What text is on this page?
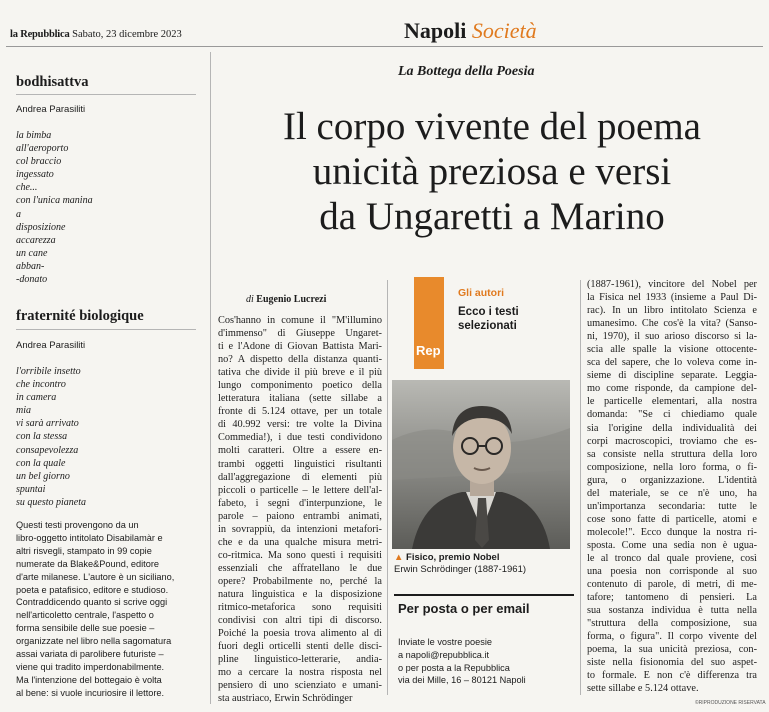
la Repubblica Sabato, 23 dicembre 2023	Napoli Società
bodhisattva
Andrea Parasiliti
la bimba
all'aeroporto
col braccio
ingessato
che...
con l'unica manina
a
disposizione
accarezza
un cane
abban-
-donato
fraternité biologique
Andrea Parasiliti
l'orribile insetto
che incontro
in camera
mia
vi sarà arrivato
con la stessa
consapevolezza
con la quale
un bel giorno
spuntai
su questo pianeta
Questi testi provengono da un
libro-oggetto intitolato Disabilamàr e
altri risvegli, stampato in 99 copie
numerate da Blake&Pound, editore
d'arte milanese. L'autore è un siciliano,
poeta e patafisico, editore e studioso.
Contraddicendo quanto si scrive oggi
nell'articoletto centrale, l'aspetto o
forma sensibile delle sue poesie –
organizzate nel libro nella sagomatura
assai variata di parolibere futuriste –
viene qui tradito imperdonabilmente.
Ma l'intenzione del bottegaio è volta
al bene: si vuole incuriosire il lettore.
La Bottega della Poesia
Il corpo vivente del poema
unicità preziosa e versi
da Ungaretti a Marino
di Eugenio Lucrezi
Cos'hanno in comune il "M'illumino
d'immenso" di Giuseppe Ungaret-
ti e l'Adone di Giovan Battista Mari-
no? A dispetto della distanza quanti-
tativa che divide il più breve e il più
lungo componimento poetico della
letteratura italiana (sette sillabe a
fronte di 5.124 ottave, per un totale
di 40.992 versi: tre volte la Divina
Commedia!), i due testi condividono
molti caratteri. Oltre a essere en-
trambi oggetti linguistici risultanti
dall'aggregazione di elementi più
piccoli o particelle – le lettere dell'al-
fabeto, i segni d'interpunzione, le
parole – paiono entrambi animati,
in sovrappiù, da intenzioni metafori-
che e da una qualche misura metri-
co-ritmica. Ma sono questi i requisiti
essenziali che affratellano le due
opere? Probabilmente no, perché la
natura linguistica e la disposizione
ritmico-metaforica sono requisiti
condivisi con altri tipi di discorso.
Poiché la poesia trova alimento al di
fuori degli orticelli stenti delle disci-
pline linguistico-letterarie, andia-
mo a cercare la nostra risposta nel
pensiero di uno scienziato e umani-
sta austriaco, Erwin Schrödinger
Rep
Gli autori
Ecco i testi selezionati
▲ Fisico, premio Nobel
Erwin Schrödinger (1887-1961)
Per posta o per email
Inviate le vostre poesie
a napoli@repubblica.it
o per posta a la Repubblica
via dei Mille, 16 – 80121 Napoli
(1887-1961), vincitore del Nobel per
la Fisica nel 1933 (insieme a Paul Di-
rac). In un libro intitolato Scienza e
umanesimo. Che cos'è la vita? (Sanso-
ni, 1970), il suo arioso discorso si la-
scia alle spalle la visione ottocente-
sca del sapere, che lo voleva come in-
sieme di discipline separate. Leggia-
mo come risponde, da campione del-
le particelle elementari, alla nostra
domanda: "Se ci chiediamo quale
sia l'origine della individualità dei
corpi macroscopici, troviamo che es-
sa consiste nella struttura della loro
composizione, nella loro forma, o fi-
gura, o organizzazione. L'identità
del materiale, se ce n'è uno, ha
un'importanza secondaria: tutte le
cose sono fatte di particelle, atomi e
molecole!". Ecco dunque la nostra ri-
sposta. Come una sedia non è ugua-
le al tronco dal quale proviene, così
una poesia non corrisponde al suo
contenuto di parole, di metri, di me-
tafore; tantomeno di pensieri. La
sua sostanza individua è tutta nella
"struttura della composizione, sua
forma, o figura". Il corpo vivente del
poema, la sua unicità preziosa, con-
siste nella fisionomia del suo aspet-
to formale. E non c'è differenza tra
sette sillabe e 5.124 ottave.
©RIPRODUZIONE RISERVATA
